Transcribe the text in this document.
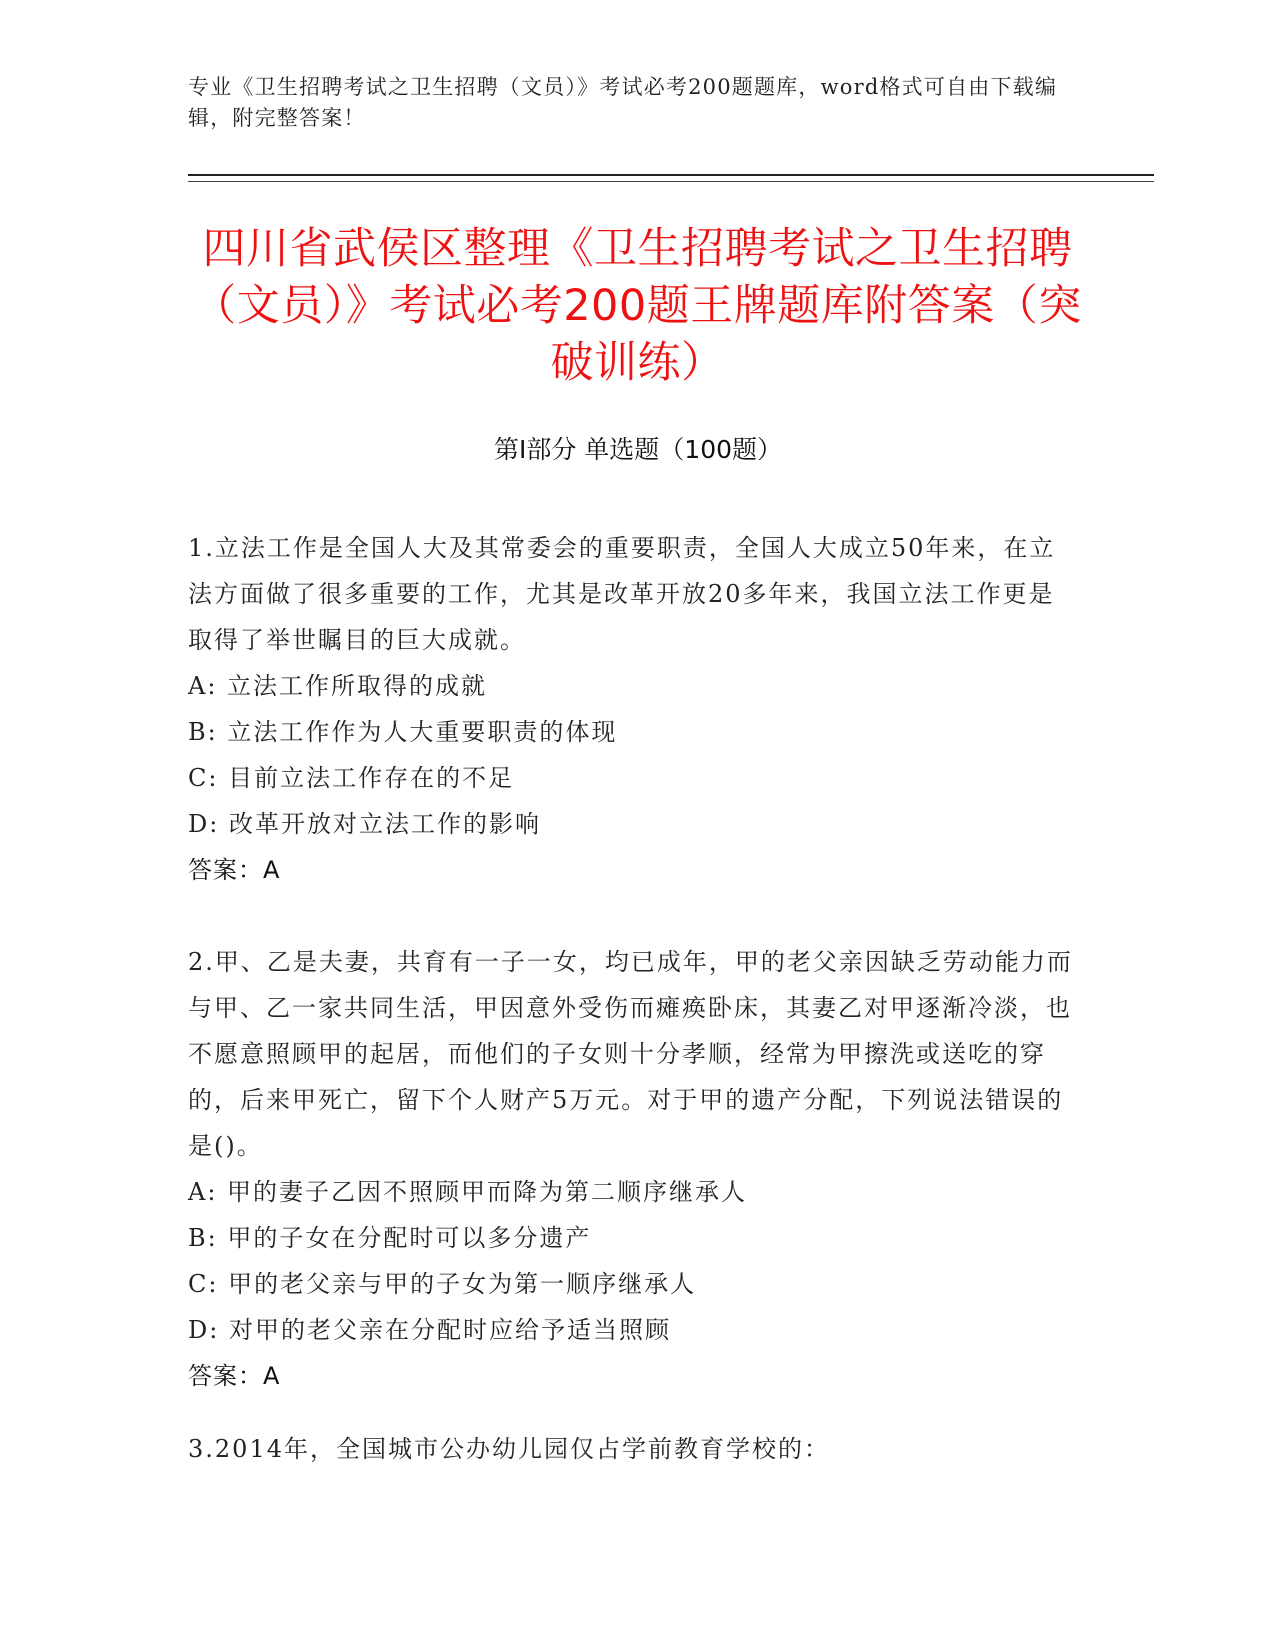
专业《卫生招聘考试之卫生招聘（文员）》考试必考200题题库，word格式可自由下载编辑，附完整答案！
四川省武侯区整理《卫生招聘考试之卫生招聘（文员）》考试必考200题王牌题库附答案（突破训练）
第Ⅰ部分 单选题（100题）

1.立法工作是全国人大及其常委会的重要职责，全国人大成立50年来，在立法方面做了很多重要的工作，尤其是改革开放20多年来，我国立法工作更是取得了举世瞩目的巨大成就。

A: 立法工作所取得的成就

B: 立法工作作为人大重要职责的体现

C: 目前立法工作存在的不足

D: 改革开放对立法工作的影响

答案：A

2.甲、乙是夫妻，共育有一子一女，均已成年，甲的老父亲因缺乏劳动能力而与甲、乙一家共同生活，甲因意外受伤而瘫痪卧床，其妻乙对甲逐渐冷淡，也不愿意照顾甲的起居，而他们的子女则十分孝顺，经常为甲擦洗或送吃的穿的，后来甲死亡，留下个人财产5万元。对于甲的遗产分配，下列说法错误的是()。

A: 甲的妻子乙因不照顾甲而降为第二顺序继承人

B: 甲的子女在分配时可以多分遗产

C: 甲的老父亲与甲的子女为第一顺序继承人

D: 对甲的老父亲在分配时应给予适当照顾

答案：A

3.2014年，全国城市公办幼儿园仅占学前教育学校的：
